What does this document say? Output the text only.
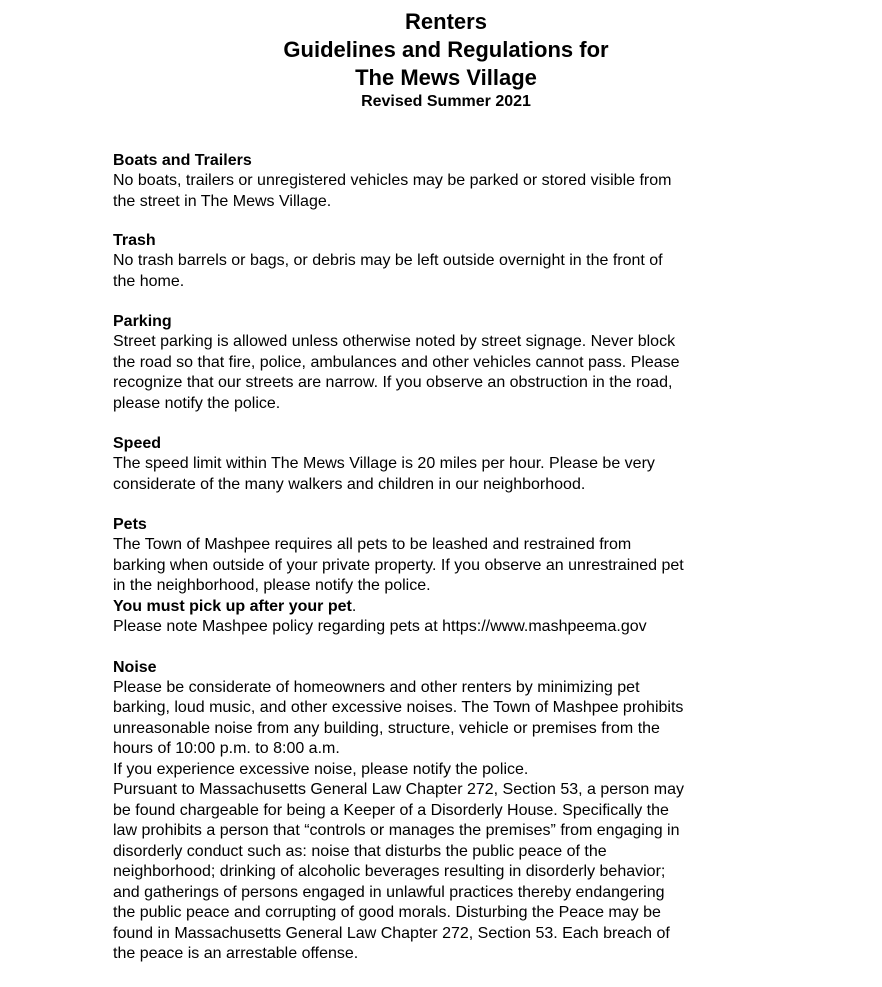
Renters
Guidelines and Regulations for
The Mews Village
Revised Summer 2021
Boats and Trailers
No boats, trailers or unregistered vehicles may be parked or stored visible from
the street in The Mews Village.
Trash
No trash barrels or bags, or debris may be left outside overnight in the front of
the home.
Parking
Street parking is allowed unless otherwise noted by street signage. Never block
the road so that fire, police, ambulances and other vehicles cannot pass. Please
recognize that our streets are narrow. If you observe an obstruction in the road,
please notify the police.
Speed
The speed limit within The Mews Village is 20 miles per hour. Please be very
considerate of the many walkers and children in our neighborhood.
Pets
The Town of Mashpee requires all pets to be leashed and restrained from
barking when outside of your private property. If you observe an unrestrained pet
in the neighborhood, please notify the police.
You must pick up after your pet.
Please note Mashpee policy regarding pets at https://www.mashpeema.gov
Noise
Please be considerate of homeowners and other renters by minimizing pet
barking, loud music, and other excessive noises. The Town of Mashpee prohibits
unreasonable noise from any building, structure, vehicle or premises from the
hours of 10:00 p.m. to 8:00 a.m.
If you experience excessive noise, please notify the police.
Pursuant to Massachusetts General Law Chapter 272, Section 53, a person may
be found chargeable for being a Keeper of a Disorderly House. Specifically the
law prohibits a person that “controls or manages the premises” from engaging in
disorderly conduct such as: noise that disturbs the public peace of the
neighborhood; drinking of alcoholic beverages resulting in disorderly behavior;
and gatherings of persons engaged in unlawful practices thereby endangering
the public peace and corrupting of good morals. Disturbing the Peace may be
found in Massachusetts General Law Chapter 272, Section 53. Each breach of
the peace is an arrestable offense.
